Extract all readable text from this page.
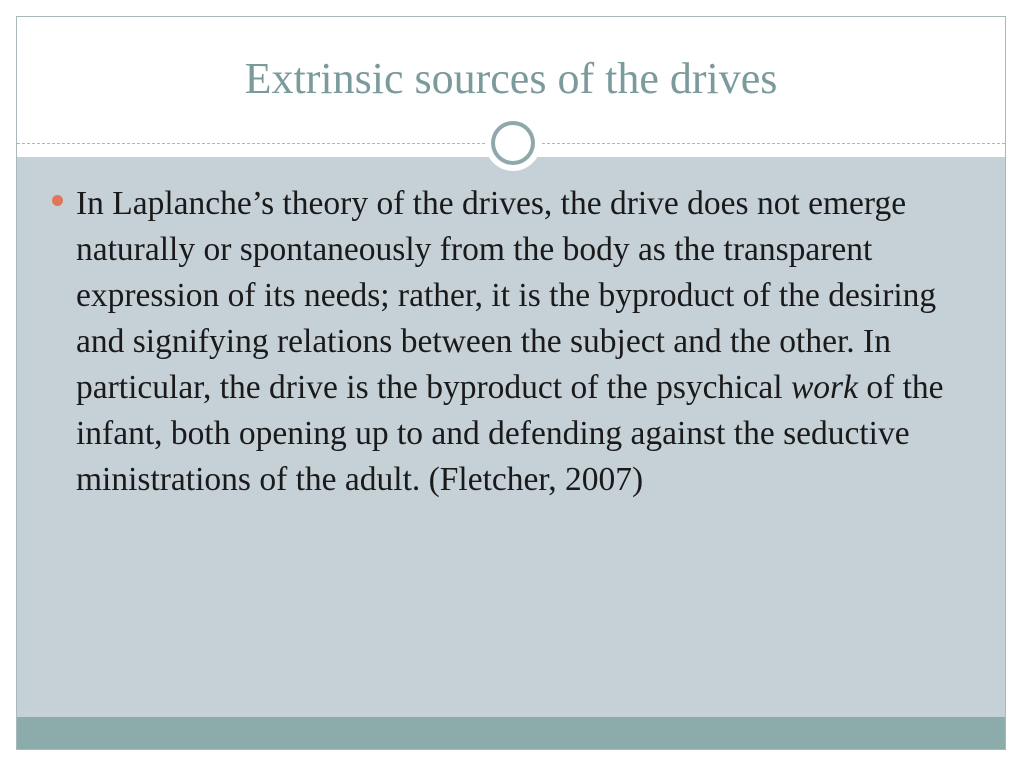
Extrinsic sources of the drives

In Laplanche’s theory of the drives, the drive does not emerge naturally or spontaneously from the body as the transparent expression of its needs; rather, it is the byproduct of the desiring and signifying relations between the subject and the other. In particular, the drive is the byproduct of the psychical work of the infant, both opening up to and defending against the seductive ministrations of the adult. (Fletcher, 2007)
